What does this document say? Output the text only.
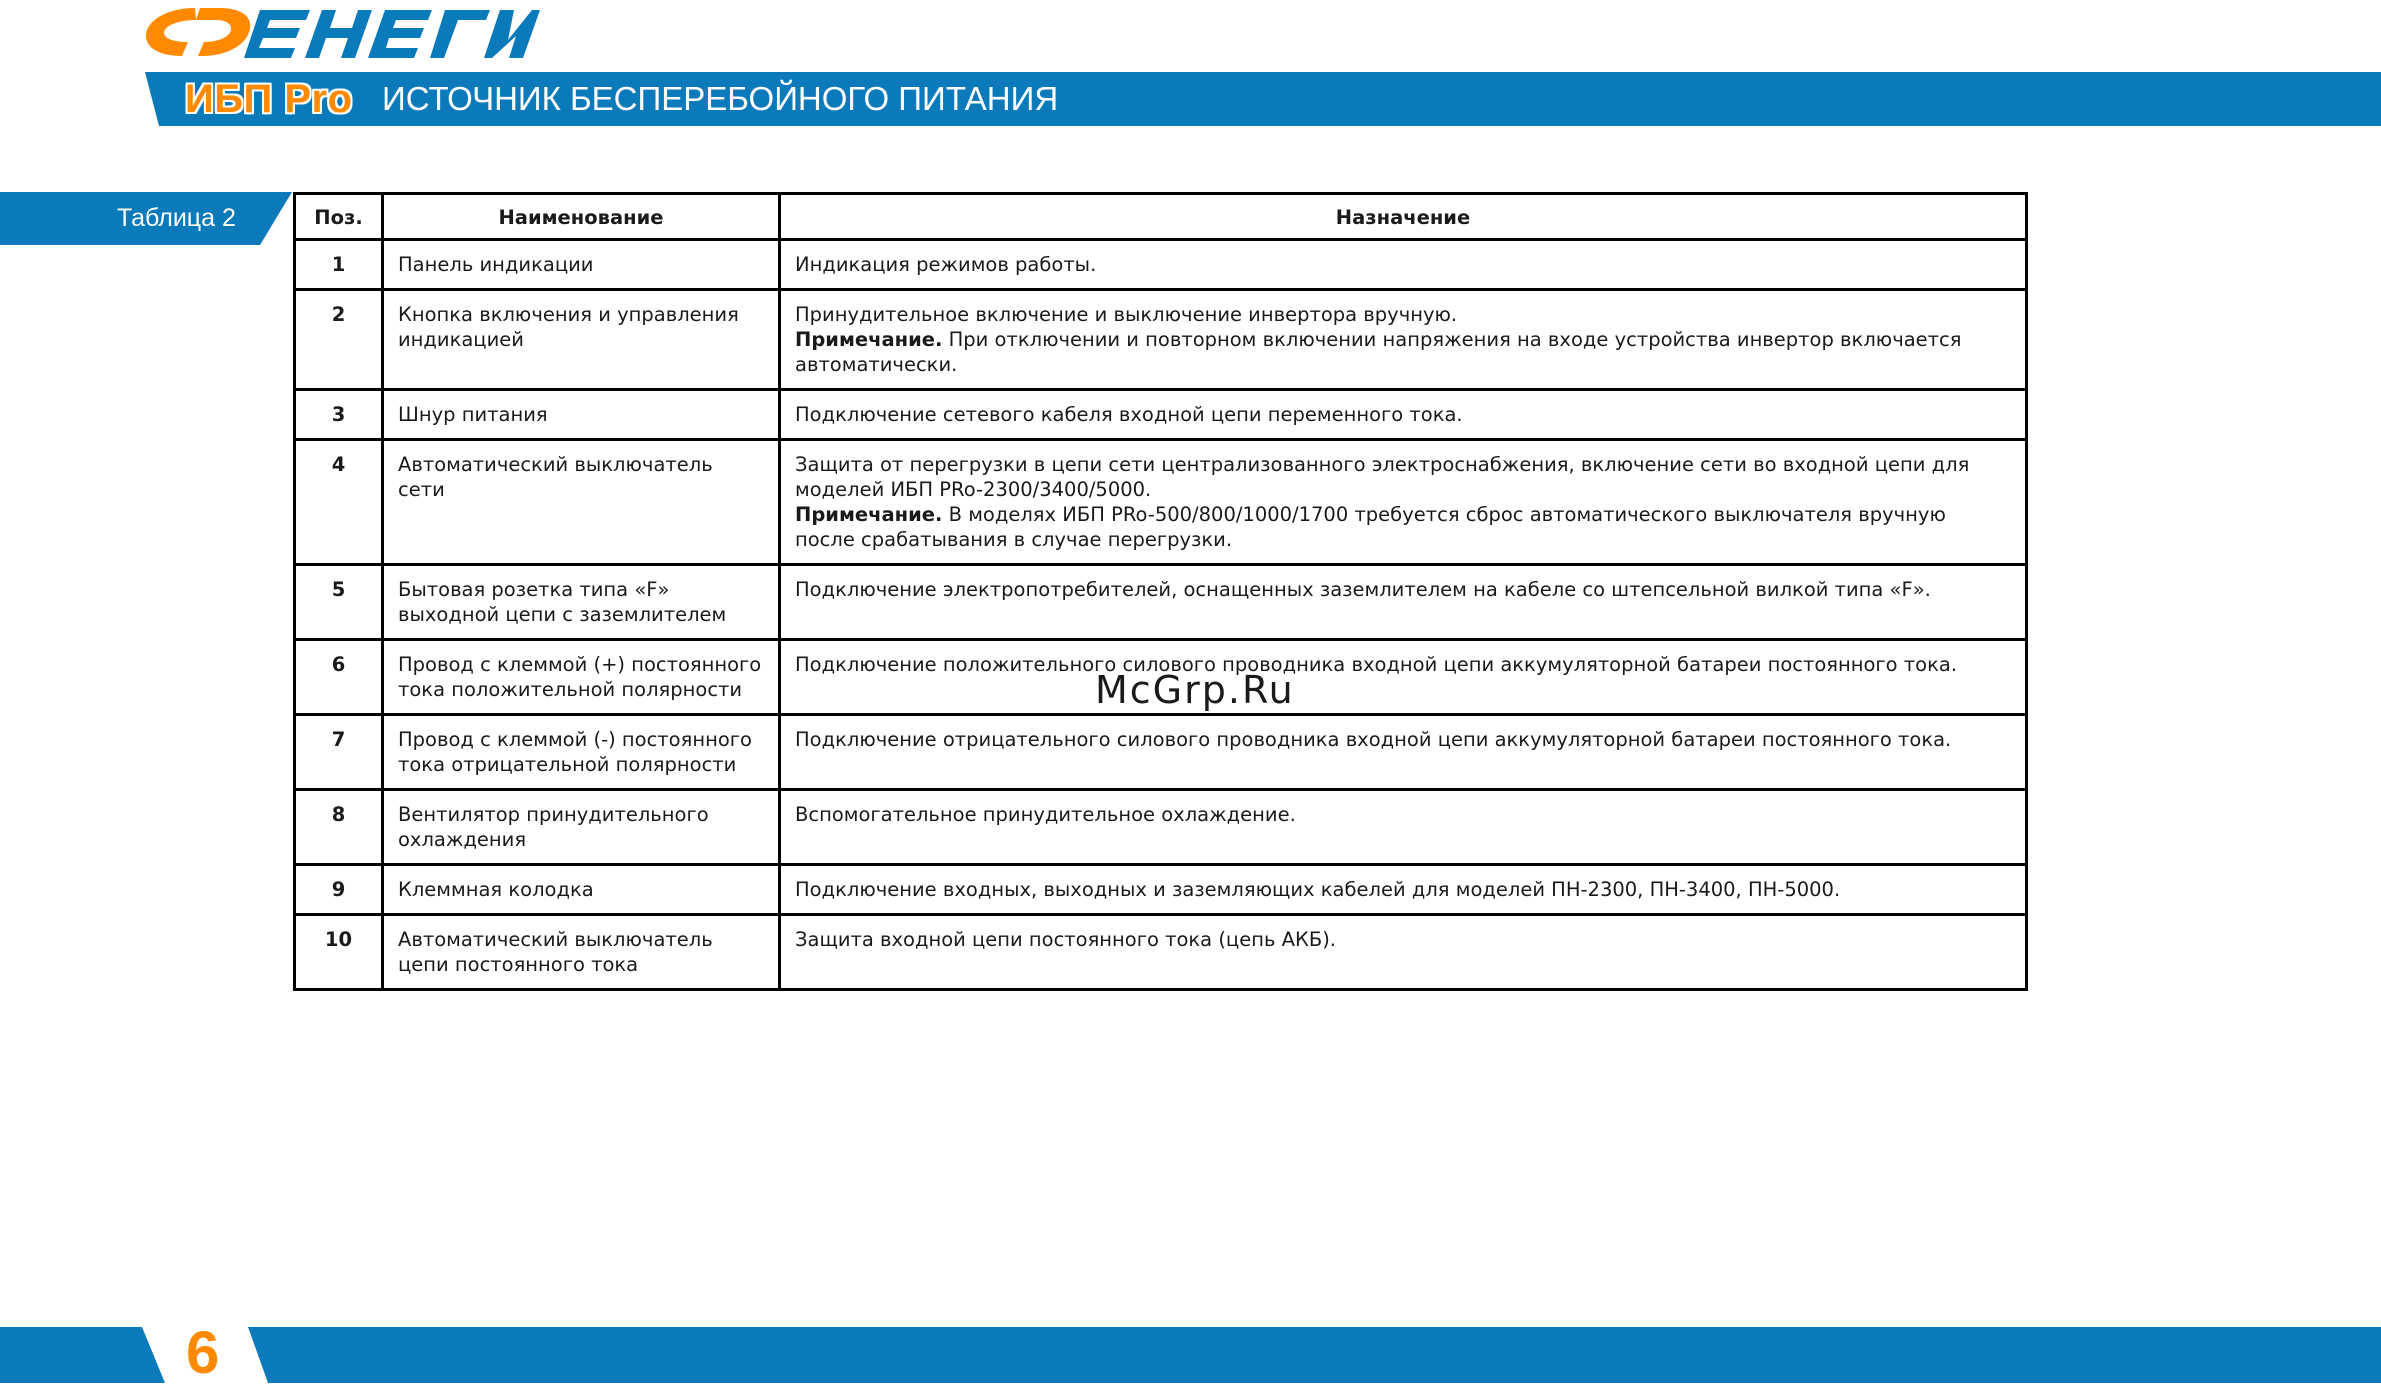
ИБП Pro ИСТОЧНИК БЕСПЕРЕБОЙНОГО ПИТАНИЯ
Таблица 2	Поз.	Наименование	Назначение
1	Панель индикации	Индикация режимов работы.

2	Кнопка включения и управления индикацией	Принудительное включение и выключение инвертора вручную.

Примечание. При отключении и повторном включении напряжения на входе устройства инвертор включается автоматически.

3	Шнур питания	Подключение сетевого кабеля входной цепи переменного тока.

4	Автоматический выключатель сети	Защита от перегрузки в цепи сети централизованного электроснабжения, включение сети во входной цепи для моделей ИБП PRo-2300/3400/5000.

Примечание. В моделях ИБП PRo-500/800/1000/1700 требуется сброс автоматического выключателя вручную после срабатывания в случае перегрузки.

5	Бытовая розетка типа «F» выходной цепи с заземлителем	Подключение электропотребителей, оснащенных заземлителем на кабеле со штепсельной вилкой типа «F».

6	Провод с клеммой (+) постоянного тока положительной полярности	Подключение положительного силового проводника входной цепи аккумуляторной батареи постоянного тока.

7	Провод с клеммой (-) постоянного тока отрицательной полярности	Подключение отрицательного силового проводника входной цепи аккумуляторной батареи постоянного тока.

8	Вентилятор принудительного охлаждения	Вспомогательное принудительное охлаждение.

9	Клеммная колодка	Подключение входных, выходных и заземляющих кабелей для моделей ПН-2300, ПН-3400, ПН-5000.

10	Автоматический выключатель цепи постоянного тока	Защита входной цепи постоянного тока (цепь АКБ).

McGrp.Ru
6
